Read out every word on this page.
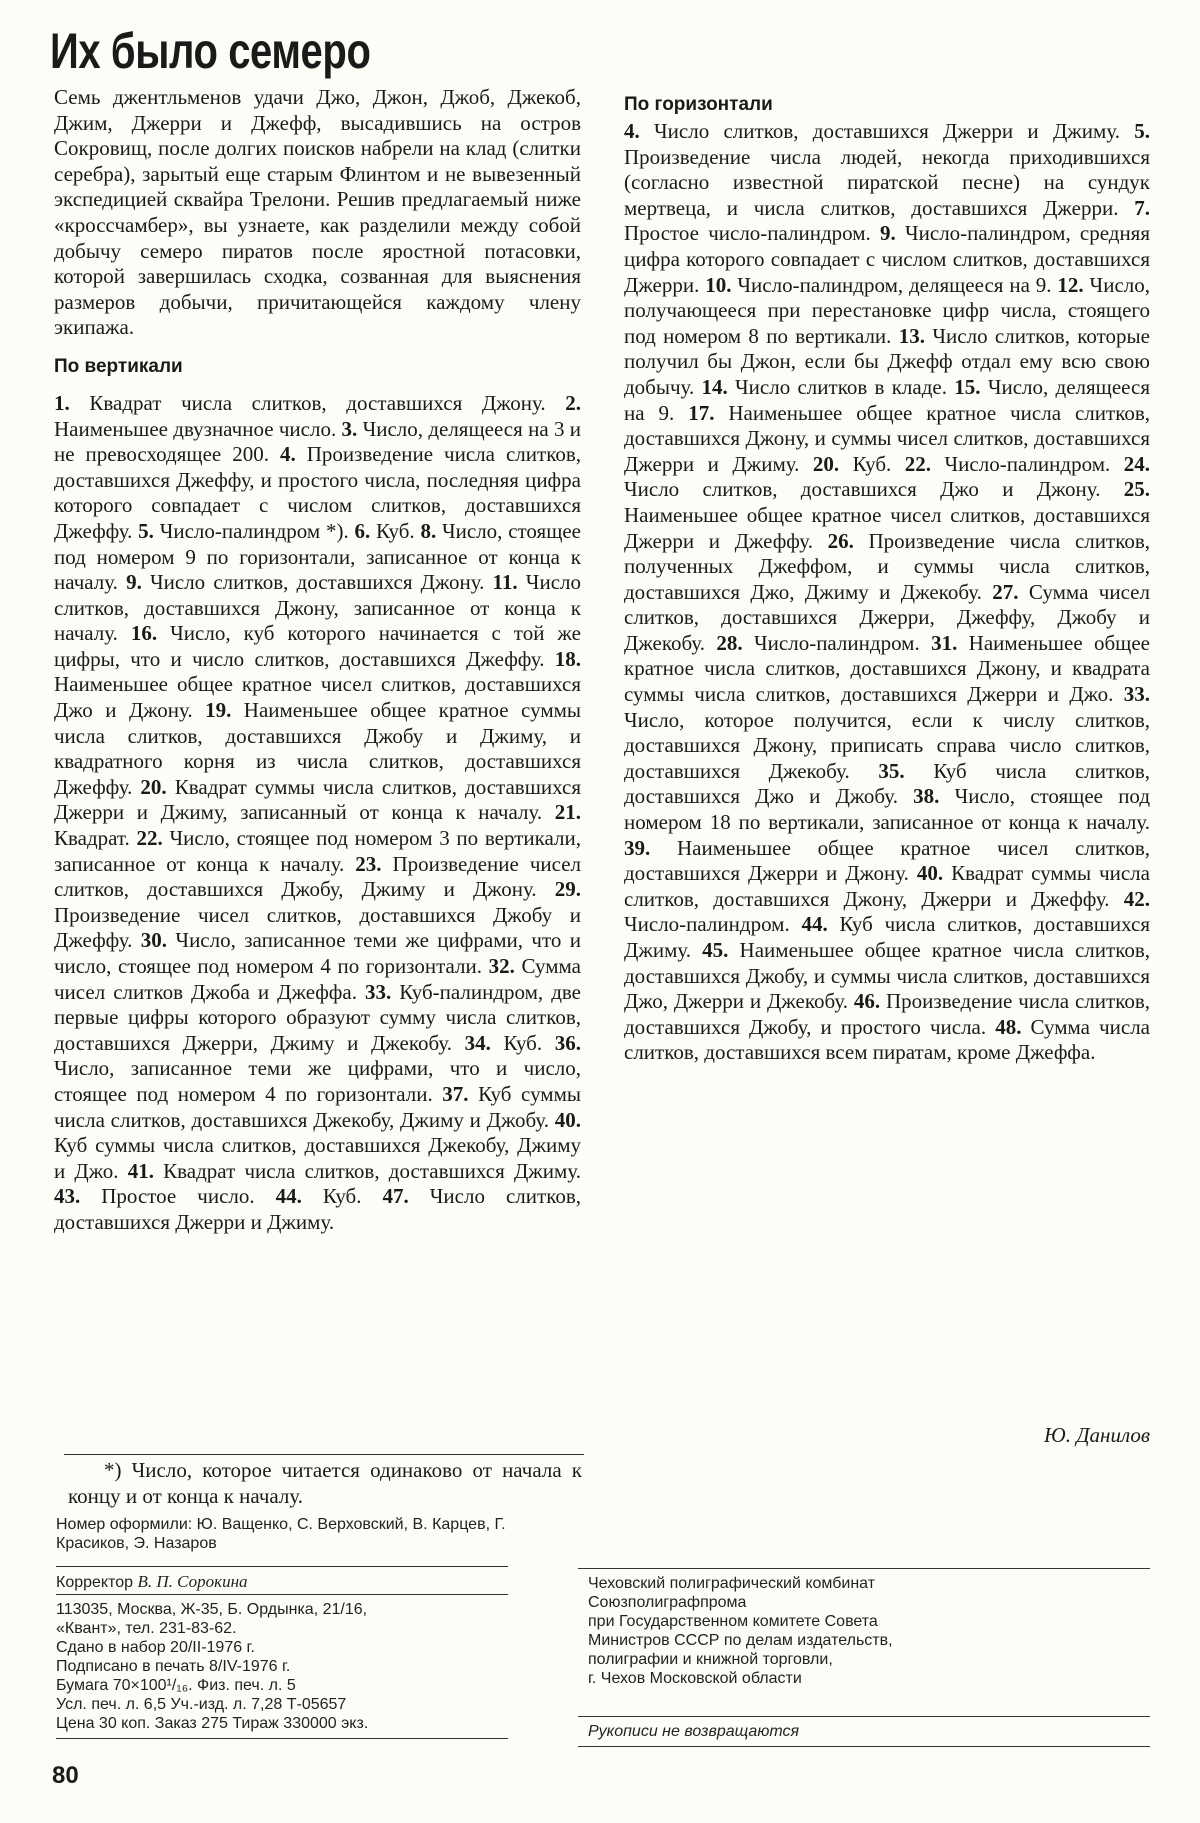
Их было семеро

Семь джентльменов удачи Джо, Джон, Джоб, Джекоб, Джим, Джерри и Джефф, высадившись на остров Сокровищ, после долгих поисков набрели на клад (слитки серебра), зарытый еще старым Флинтом и не вывезенный экспедицией сквайра Трелони. Решив предлагаемый ниже «кроссчамбер», вы узнаете, как разделили между собой добычу семеро пиратов после яростной потасовки, которой завершилась сходка, созванная для выяснения размеров добычи, причитающейся каждому члену экипажа.

По вертикали

1. Квадрат числа слитков, доставшихся Джону. 2. Наименьшее двузначное число. 3. Число, делящееся на 3 и не превосходящее 200. 4. Произведение числа слитков, доставшихся Джеффу, и простого числа, последняя цифра которого совпадает с числом слитков, доставшихся Джеффу. 5. Число-палиндром *). 6. Куб. 8. Число, стоящее под номером 9 по горизонтали, записанное от конца к началу. 9. Число слитков, доставшихся Джону. 11. Число слитков, доставшихся Джону, записанное от конца к началу. 16. Число, куб которого начинается с той же цифры, что и число слитков, доставшихся Джеффу. 18. Наименьшее общее кратное чисел слитков, доставшихся Джо и Джону. 19. Наименьшее общее кратное суммы числа слитков, доставшихся Джобу и Джиму, и квадратного корня из числа слитков, доставшихся Джеффу. 20. Квадрат суммы числа слитков, доставшихся Джерри и Джиму, записанный от конца к началу. 21. Квадрат. 22. Число, стоящее под номером 3 по вертикали, записанное от конца к началу. 23. Произведение чисел слитков, доставшихся Джобу, Джиму и Джону. 29. Произведение чисел слитков, доставшихся Джобу и Джеффу. 30. Число, записанное теми же цифрами, что и число, стоящее под номером 4 по горизонтали. 32. Сумма чисел слитков Джоба и Джеффа. 33. Куб-палиндром, две первые цифры которого образуют сумму числа слитков, доставшихся Джерри, Джиму и Джекобу. 34. Куб. 36. Число, записанное теми же цифрами, что и число, стоящее под номером 4 по горизонтали. 37. Куб суммы числа слитков, доставшихся Джекобу, Джиму и Джобу. 40. Куб суммы числа слитков, доставшихся Джекобу, Джиму и Джо. 41. Квадрат числа слитков, доставшихся Джиму. 43. Простое число. 44. Куб. 47. Число слитков, доставшихся Джерри и Джиму.

По горизонтали

4. Число слитков, доставшихся Джерри и Джиму. 5. Произведение числа людей, некогда приходившихся (согласно известной пиратской песне) на сундук мертвеца, и числа слитков, доставшихся Джерри. 7. Простое число-палиндром. 9. Число-палиндром, средняя цифра которого совпадает с числом слитков, доставшихся Джерри. 10. Число-палиндром, делящееся на 9. 12. Число, получающееся при перестановке цифр числа, стоящего под номером 8 по вертикали. 13. Число слитков, которые получил бы Джон, если бы Джефф отдал ему всю свою добычу. 14. Число слитков в кладе. 15. Число, делящееся на 9. 17. Наименьшее общее кратное числа слитков, доставшихся Джону, и суммы чисел слитков, доставшихся Джерри и Джиму. 20. Куб. 22. Число-палиндром. 24. Число слитков, доставшихся Джо и Джону. 25. Наименьшее общее кратное чисел слитков, доставшихся Джерри и Джеффу. 26. Произведение числа слитков, полученных Джеффом, и суммы числа слитков, доставшихся Джо, Джиму и Джекобу. 27. Сумма чисел слитков, доставшихся Джерри, Джеффу, Джобу и Джекобу. 28. Число-палиндром. 31. Наименьшее общее кратное числа слитков, доставшихся Джону, и квадрата суммы числа слитков, доставшихся Джерри и Джо. 33. Число, которое получится, если к числу слитков, доставшихся Джону, приписать справа число слитков, доставшихся Джекобу. 35. Куб числа слитков, доставшихся Джо и Джобу. 38. Число, стоящее под номером 18 по вертикали, записанное от конца к началу. 39. Наименьшее общее кратное чисел слитков, доставшихся Джерри и Джону. 40. Квадрат суммы числа слитков, доставшихся Джону, Джерри и Джеффу. 42. Число-палиндром. 44. Куб числа слитков, доставшихся Джиму. 45. Наименьшее общее кратное числа слитков, доставшихся Джобу, и суммы числа слитков, доставшихся Джо, Джерри и Джекобу. 46. Произведение числа слитков, доставшихся Джобу, и простого числа. 48. Сумма числа слитков, доставшихся всем пиратам, кроме Джеффа.

Ю. Данилов
*) Число, которое читается одинаково от начала к концу и от конца к началу.
Номер оформили: Ю. Ващенко, С. Верховский, В. Карцев, Г. Красиков, Э. Назаров
Корректор В. П. Сорокина
113035, Москва, Ж-35, Б. Ордынка, 21/16,
«Квант», тел. 231-83-62.
Сдано в набор 20/II-1976 г.
Подписано в печать 8/IV-1976 г.
Бумага 70×100¹/₁₆. Физ. печ. л. 5
Усл. печ. л. 6,5 Уч.-изд. л. 7,28 Т-05657
Цена 30 коп. Заказ 275 Тираж 330000 экз.
Чеховский полиграфический комбинат
Союзполиграфпрома
при Государственном комитете Совета
Министров СССР по делам издательств,
полиграфии и книжной торговли,
г. Чехов Московской области
Рукописи не возвращаются
80
